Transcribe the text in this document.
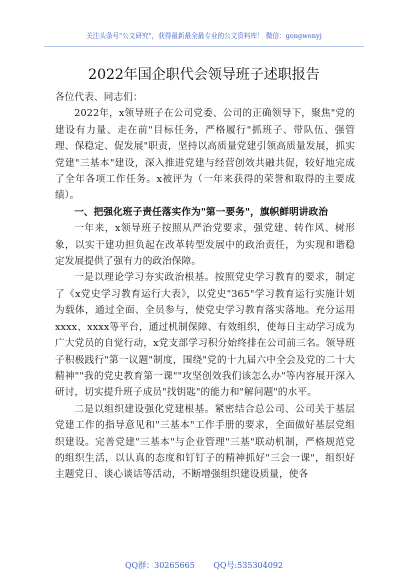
关注头条号"公文研究"，获得最新最全最专业的公文资料库！ 微信：gongwenyj
2022年国企职代会领导班子述职报告

各位代表、同志们：

2022年，x领导班子在公司党委、公司的正确领导下，聚焦"党的建设有力量、走在前"目标任务，严格履行"抓班子、带队伍、强管理、保稳定、促发展"职责，坚持以高质量党建引领高质量发展，抓实党建"三基本"建设，深入推进党建与经营创效共融共促，较好地完成了全年各项工作任务。x被评为（一年来获得的荣誉和取得的主要成绩）。

一、把强化班子责任落实作为"第一要务"，旗帜鲜明讲政治

一年来，x领导班子按照从严治党要求，强党建、转作风、树形象，以实干建功担负起在改革转型发展中的政治责任，为实现和谐稳定发展提供了强有力的政治保障。

一是以理论学习夯实政治根基。按照党史学习教育的要求，制定了《x党史学习教育运行大表》，以党史"365"学习教育运行实施计划为载体，通过全面、全员参与，使党史学习教育落实落地。充分运用xxxx、xxxx等平台，通过机制保障、有效组织，使每日主动学习成为广大党员的自觉行动，x党支部学习积分始终排在公司前三名。领导班子积极践行"第一议题"制度，围绕"党的十九届六中全会及党的二十大精神""我的党史教育第一课""攻坚创效我们该怎么办"等内容展开深入研讨，切实提升班子成员"找钥匙"的能力和"解问题"的水平。

二是以组织建设强化党建根基。紧密结合总公司、公司关于基层党建工作的指导意见和"三基本"工作手册的要求，全面做好基层党组织建设。完善党建"三基本"与企业管理"三基"联动机制，严格规范党的组织生活，以认真的态度和钉钉子的精神抓好"三会一课"，组织好主题党日、谈心谈话等活动，不断增强组织建设质量，使各

QQ群：30265665 QQ号:535304092
